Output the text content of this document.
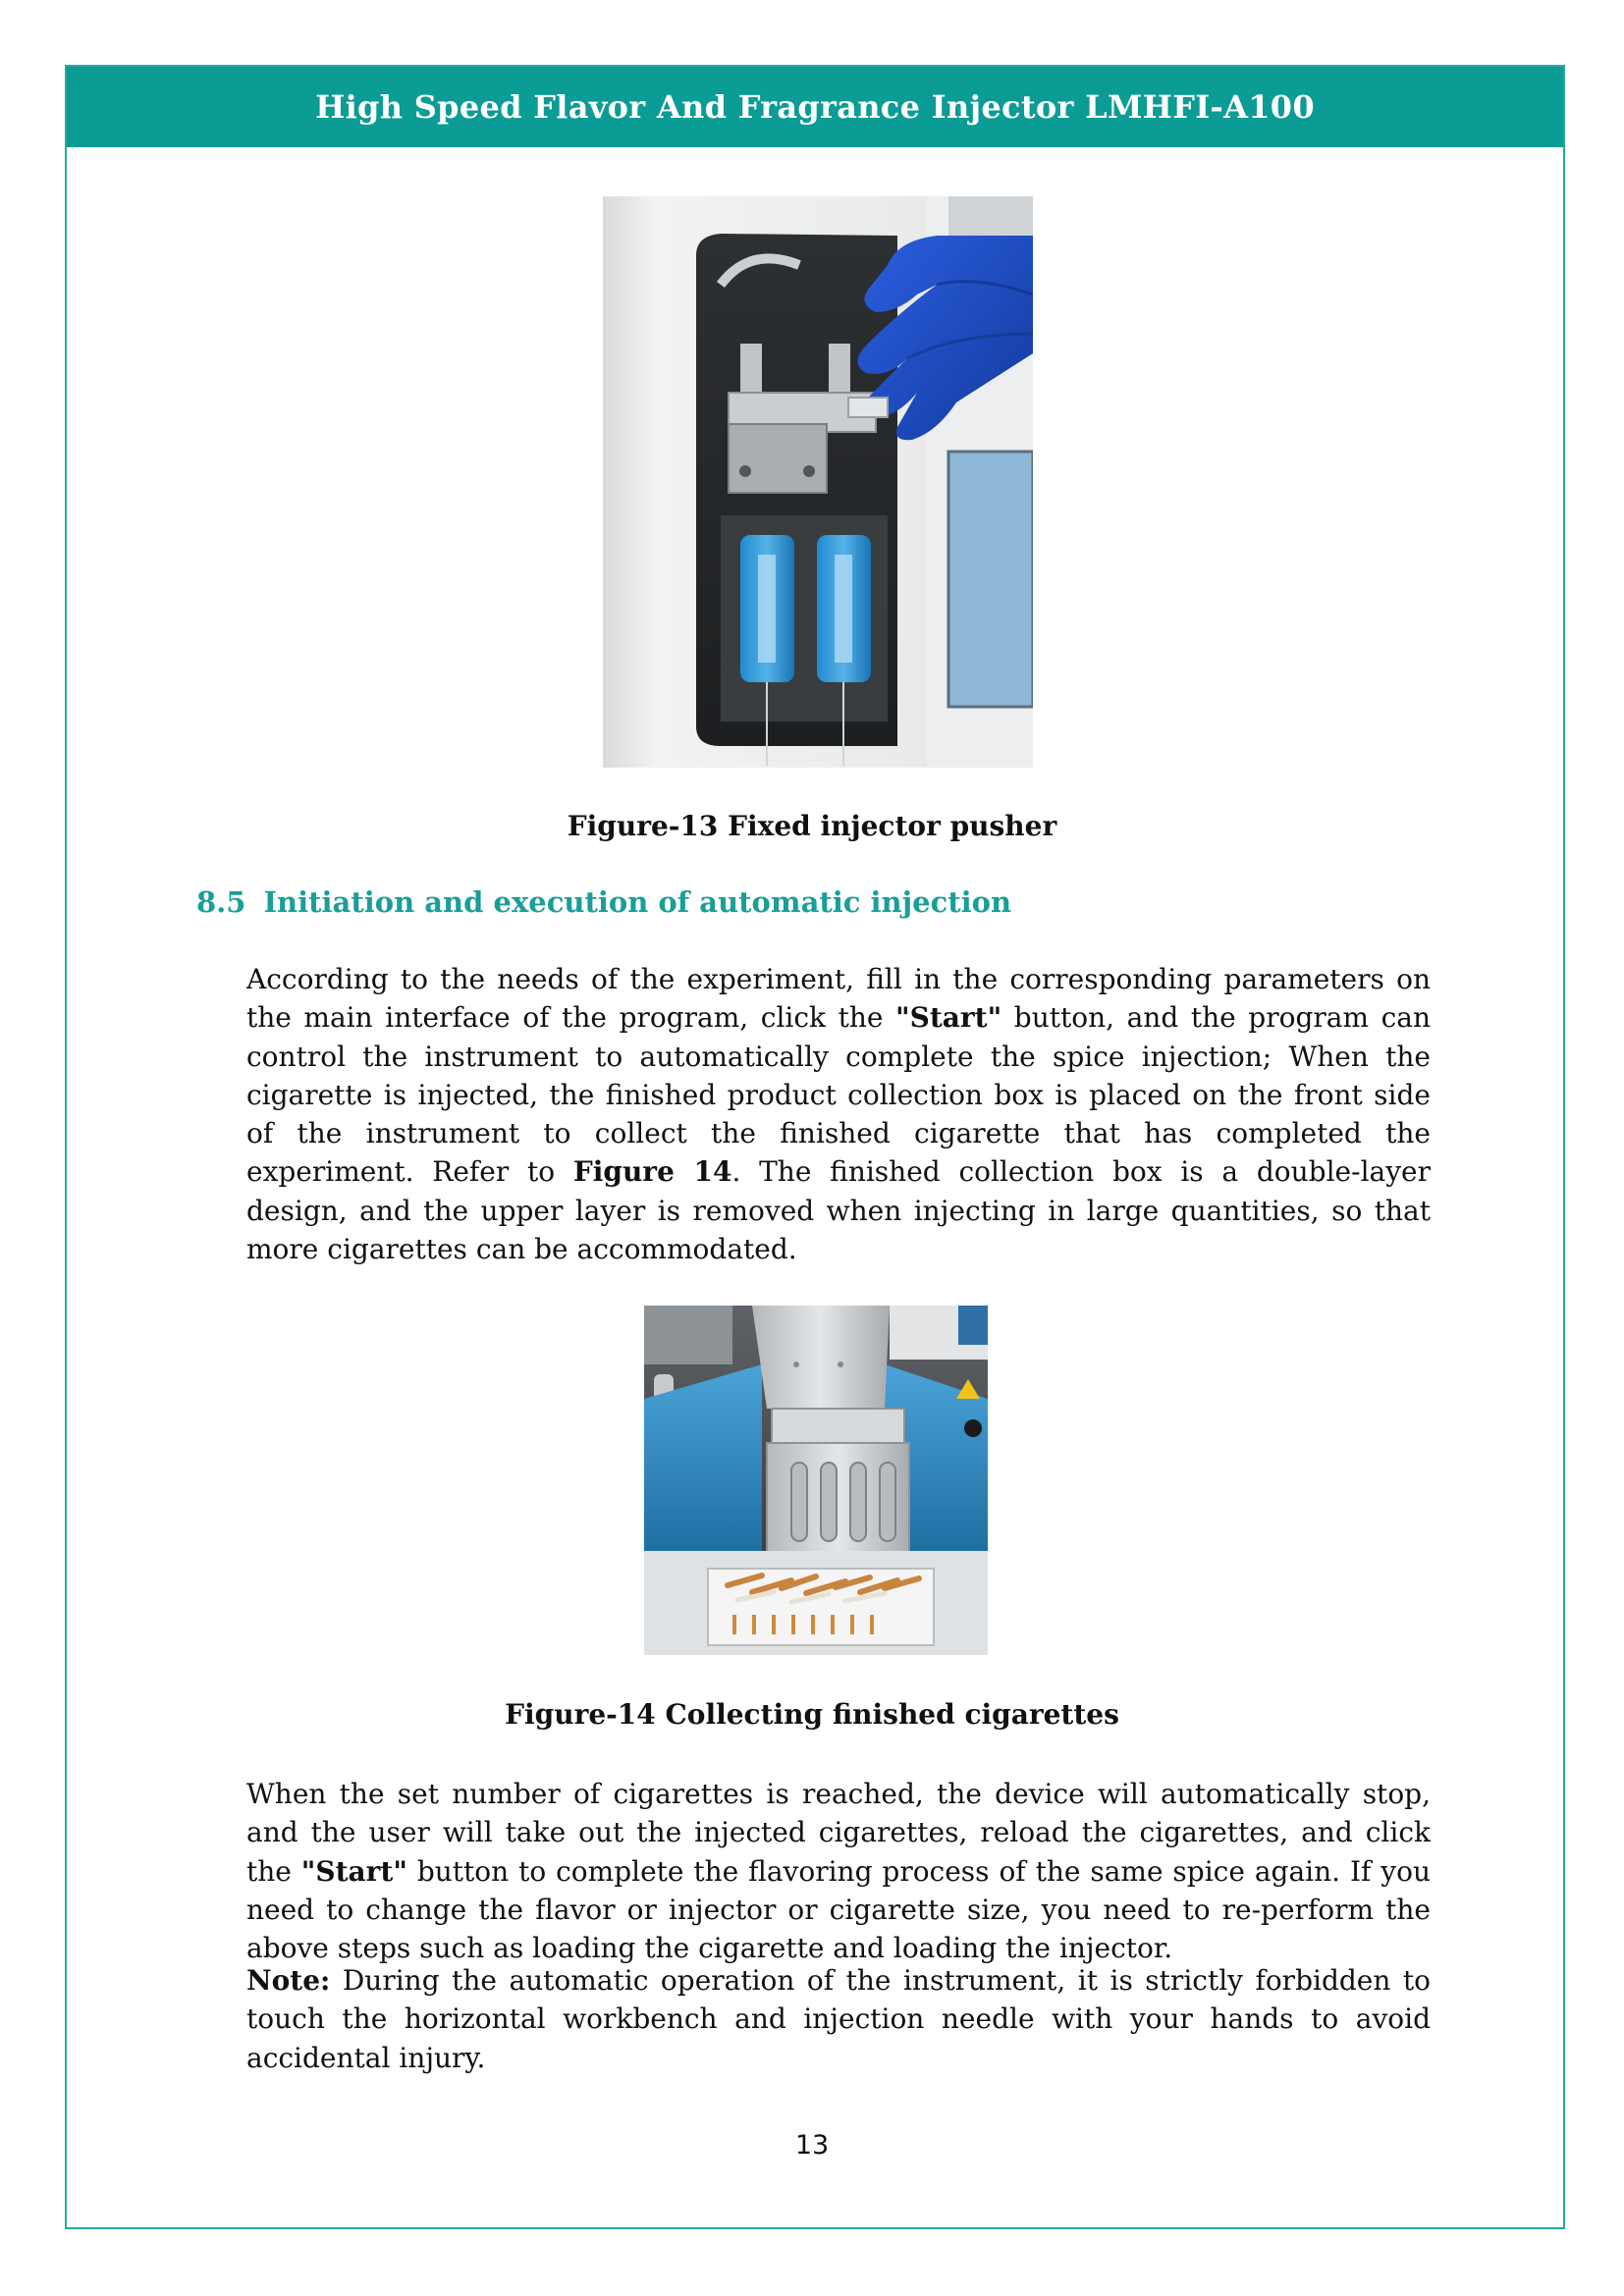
High Speed Flavor And Fragrance Injector LMHFI-A100
Figure-13 Fixed injector pusher
8.5 Initiation and execution of automatic injection
According to the needs of the experiment, fill in the corresponding parameters on the main interface of the program, click the "Start" button, and the program can control the instrument to automatically complete the spice injection; When the cigarette is injected, the finished product collection box is placed on the front side of the instrument to collect the finished cigarette that has completed the experiment. Refer to Figure 14. The finished collection box is a double-layer design, and the upper layer is removed when injecting in large quantities, so that more cigarettes can be accommodated.
Figure-14 Collecting finished cigarettes
When the set number of cigarettes is reached, the device will automatically stop, and the user will take out the injected cigarettes, reload the cigarettes, and click the "Start" button to complete the flavoring process of the same spice again. If you need to change the flavor or injector or cigarette size, you need to re-perform the above steps such as loading the cigarette and loading the injector.
Note: During the automatic operation of the instrument, it is strictly forbidden to touch the horizontal workbench and injection needle with your hands to avoid accidental injury.
13
